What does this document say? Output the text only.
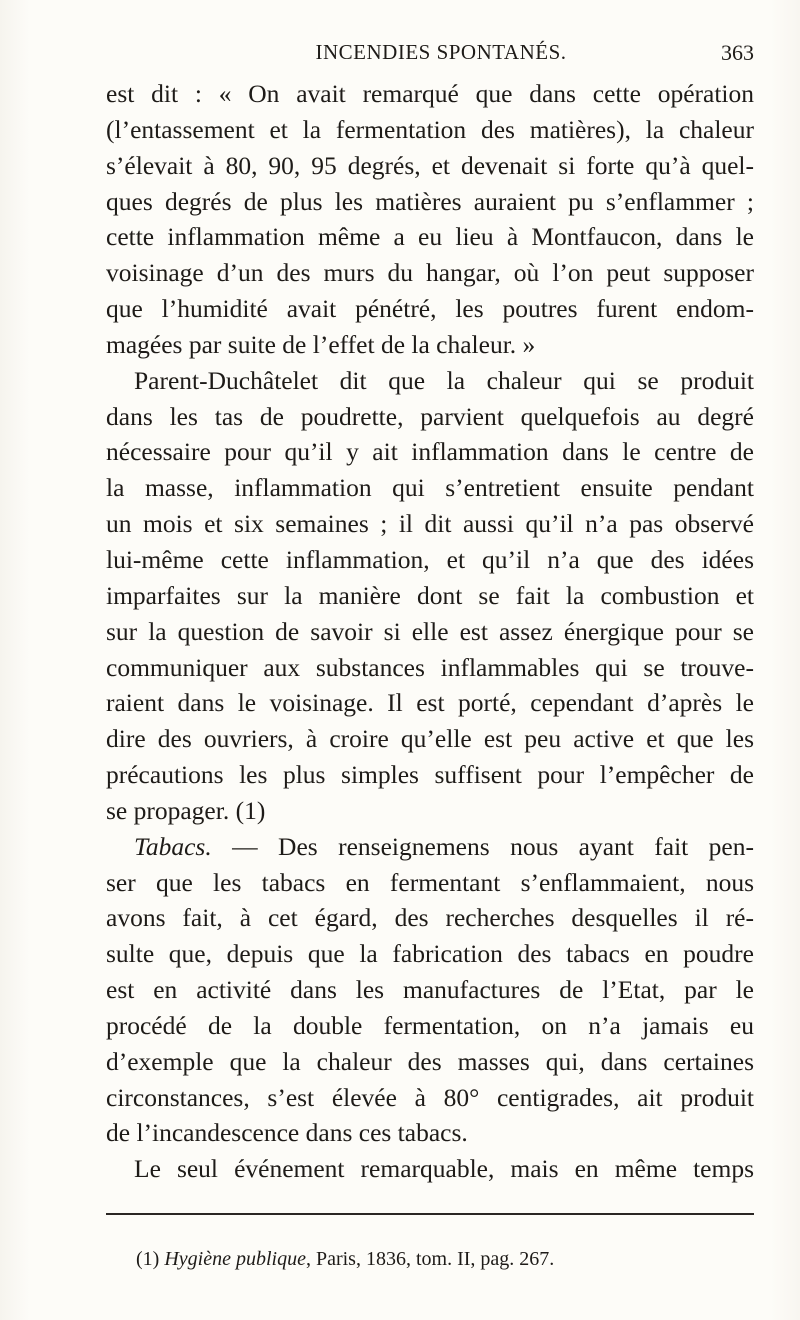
INCENDIES SPONTANÉS.	363
est dit : « On avait remarqué que dans cette opération
(l’entassement et la fermentation des matières), la chaleur
s’élevait à 80, 90, 95 degrés, et devenait si forte qu’à quel-
ques degrés de plus les matières auraient pu s’enflammer ;
cette inflammation même a eu lieu à Montfaucon, dans le
voisinage d’un des murs du hangar, où l’on peut supposer
que l’humidité avait pénétré, les poutres furent endom-
magées par suite de l’effet de la chaleur. »
Parent-Duchâtelet dit que la chaleur qui se produit
dans les tas de poudrette, parvient quelquefois au degré
nécessaire pour qu’il y ait inflammation dans le centre de
la masse, inflammation qui s’entretient ensuite pendant
un mois et six semaines ; il dit aussi qu’il n’a pas observé
lui-même cette inflammation, et qu’il n’a que des idées
imparfaites sur la manière dont se fait la combustion et
sur la question de savoir si elle est assez énergique pour se
communiquer aux substances inflammables qui se trouve-
raient dans le voisinage. Il est porté, cependant d’après le
dire des ouvriers, à croire qu’elle est peu active et que les
précautions les plus simples suffisent pour l’empêcher de
se propager. (1)
Tabacs. — Des renseignemens nous ayant fait pen-
ser que les tabacs en fermentant s’enflammaient, nous
avons fait, à cet égard, des recherches desquelles il ré-
sulte que, depuis que la fabrication des tabacs en poudre
est en activité dans les manufactures de l’Etat, par le
procédé de la double fermentation, on n’a jamais eu
d’exemple que la chaleur des masses qui, dans certaines
circonstances, s’est élevée à 80° centigrades, ait produit
de l’incandescence dans ces tabacs.
Le seul événement remarquable, mais en même temps
(1) Hygiène publique, Paris, 1836, tom. II, pag. 267.
